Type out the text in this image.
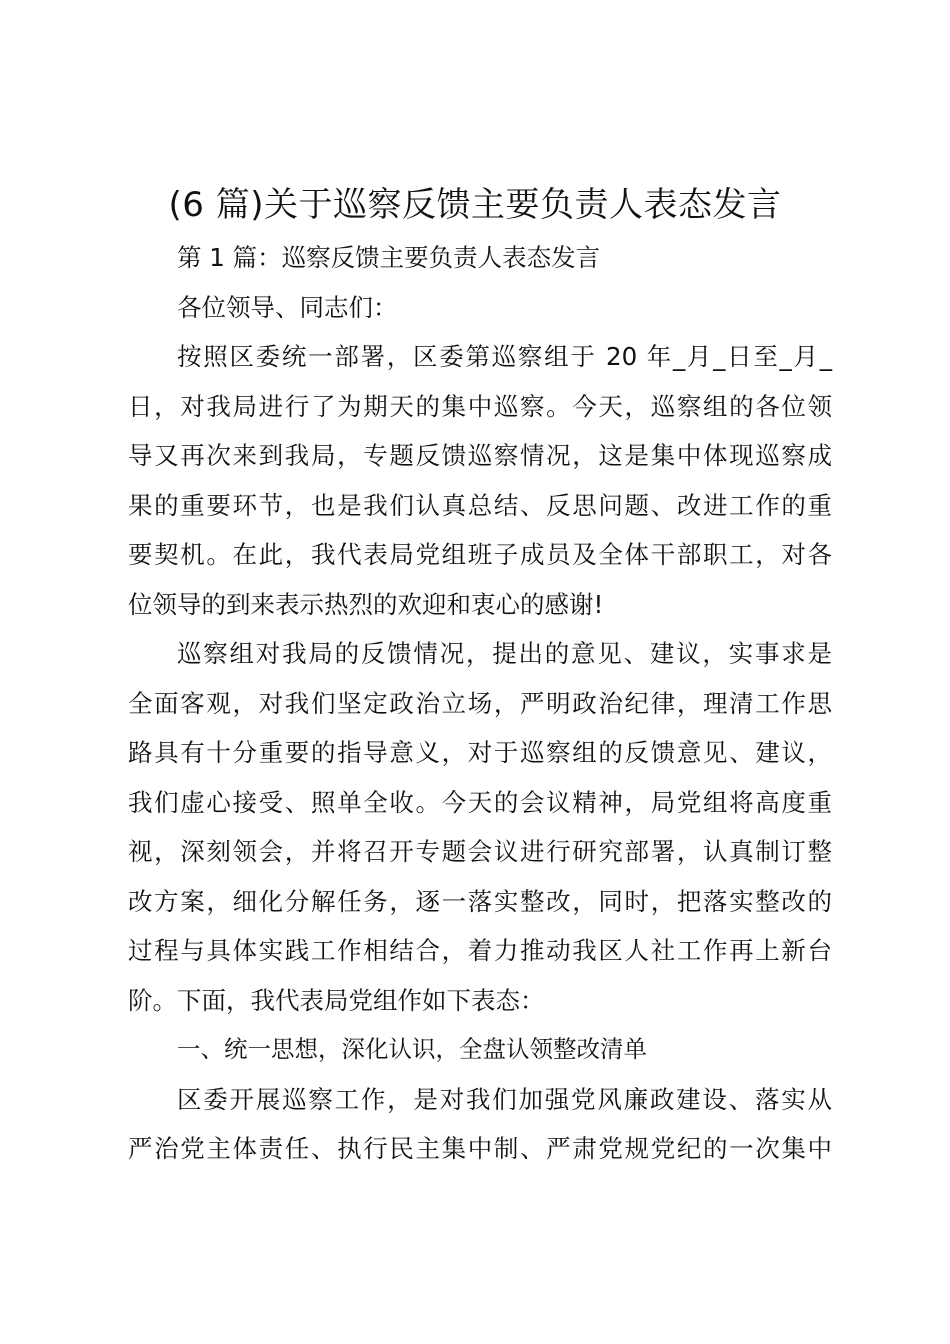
(6 篇)关于巡察反馈主要负责人表态发言
第 1 篇：巡察反馈主要负责人表态发言
各位领导、同志们：
按照区委统一部署，区委第巡察组于 20 年_月_日至_月_
日，对我局进行了为期天的集中巡察。今天，巡察组的各位领
导又再次来到我局，专题反馈巡察情况，这是集中体现巡察成
果的重要环节，也是我们认真总结、反思问题、改进工作的重
要契机。在此，我代表局党组班子成员及全体干部职工，对各
位领导的到来表示热烈的欢迎和衷心的感谢!
巡察组对我局的反馈情况，提出的意见、建议，实事求是
全面客观，对我们坚定政治立场，严明政治纪律，理清工作思
路具有十分重要的指导意义，对于巡察组的反馈意见、建议，
我们虚心接受、照单全收。今天的会议精神，局党组将高度重
视，深刻领会，并将召开专题会议进行研究部署，认真制订整
改方案，细化分解任务，逐一落实整改，同时，把落实整改的
过程与具体实践工作相结合，着力推动我区人社工作再上新台
阶。下面，我代表局党组作如下表态：
一、统一思想，深化认识，全盘认领整改清单
区委开展巡察工作，是对我们加强党风廉政建设、落实从
严治党主体责任、执行民主集中制、严肃党规党纪的一次集中
